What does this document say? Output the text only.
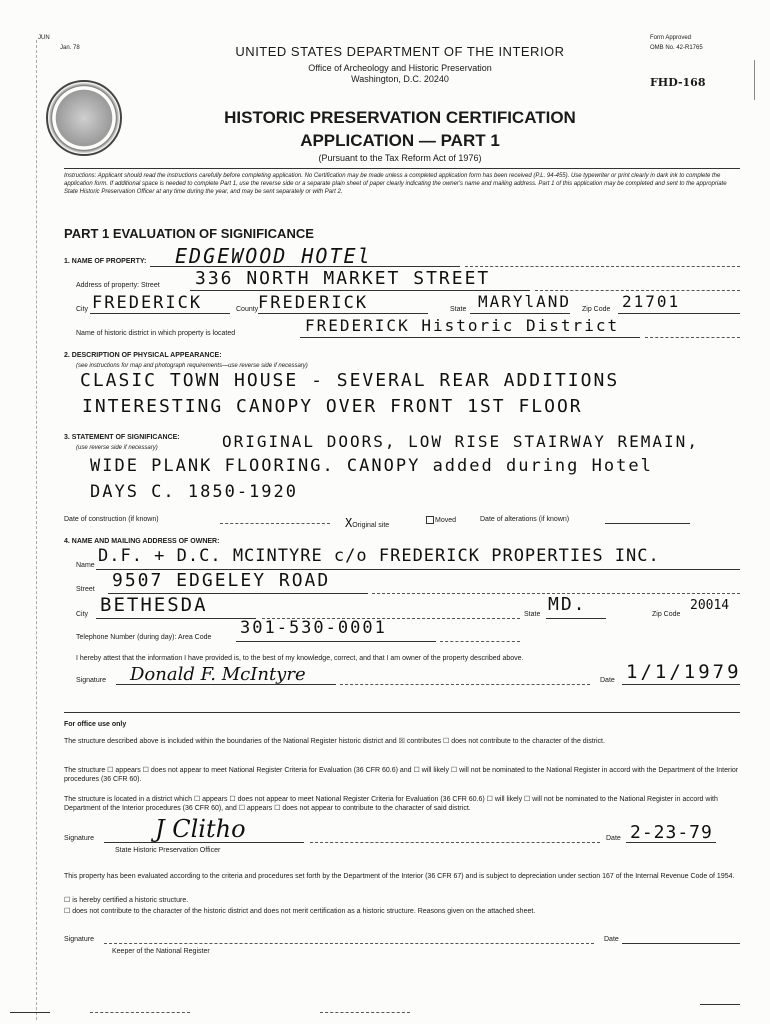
JUN
Jan. 78	UNITED STATES DEPARTMENT OF THE INTERIOR
Office of Archeology and Historic Preservation
Washington, D.C. 20240
Form Approved
OMB No. 42-R1765
FHD-168
HISTORIC PRESERVATION CERTIFICATION
APPLICATION — PART 1
(Pursuant to the Tax Reform Act of 1976)
Instructions: Applicant should read the instructions carefully before completing application. No Certification may be made unless a completed application form has been received (P.L. 94-455). Use typewriter or print clearly in dark ink to complete the application form. If additional space is needed to complete Part 1, use the reverse side or a separate plain sheet of paper clearly indicating the owner's name and mailing address. Part 1 of this application may be completed and sent to the appropriate State Historic Preservation Officer at any time during the year, and may be sent separately or with Part 2.
PART 1 EVALUATION OF SIGNIFICANCE
1. NAME OF PROPERTY: EDGEWOOD HOTEl
Address of property: Street 336 NORTH MARKET STREET
City FREDERICK	County FREDERICK	State MARYlAND Zip Code 21701
Name of historic district in which property is located	FREDERICK Historic District
2. DESCRIPTION OF PHYSICAL APPEARANCE:
(see instructions for map and photograph requirements—use reverse side if necessary)
CLASIC TOWN HOUSE - SEVERAL REAR ADDITIONS
INTERESTING CANOPY OVER FRONT 1ST FLOOR
3. STATEMENT OF SIGNIFICANCE:
(use reverse side if necessary)	ORIGINAL DOORS, LOW RISE STAIRWAY REMAIN,
WIDE PLANK FLOORING. CANOPY added during Hotel
DAYS C. 1850-1920
Date of construction (if known)	XOriginal site
Moved	Date of alterations (if known)
4. NAME AND MAILING ADDRESS OF OWNER:
Name D.F. + D.C. MCINTYRE c/o FREDERICK PROPERTIES INC.
Street 9507 EDGELEY ROAD
City BETHESDA	State MD.	Zip Code
20014
Telephone Number (during day): Area Code 301-530-0001
I hereby attest that the information I have provided is, to the best of my knowledge, correct, and that I am owner of the property described above.
Signature Donald F. McIntyre	Date 1/1/1979
For office use only
The structure described above is included within the boundaries of the National Register historic district and ☒ contributes ☐ does not contribute to the character of the district.
The structure ☐ appears ☐ does not appear to meet National Register Criteria for Evaluation (36 CFR 60.6) and ☐ will likely ☐ will not be nominated to the National Register in accord with the Department of the Interior procedures (36 CFR 60).
The structure is located in a district which ☐ appears ☐ does not appear to meet National Register Criteria for Evaluation (36 CFR 60.6) ☐ will likely ☐ will not be nominated to the National Register in accord with Department of the Interior procedures (36 CFR 60), and ☐ appears ☐ does not appear to contribute to the character of said district.
Signature	J Clitho
State Historic Preservation Officer
Date 2-23-79
This property has been evaluated according to the criteria and procedures set forth by the Department of the Interior (36 CFR 67) and is subject to depreciation under section 167 of the Internal Revenue Code of 1954.
☐ is hereby certified a historic structure.
☐ does not contribute to the character of the historic district and does not merit certification as a historic structure. Reasons given on the attached sheet.
Signature	Date
Keeper of the National Register
